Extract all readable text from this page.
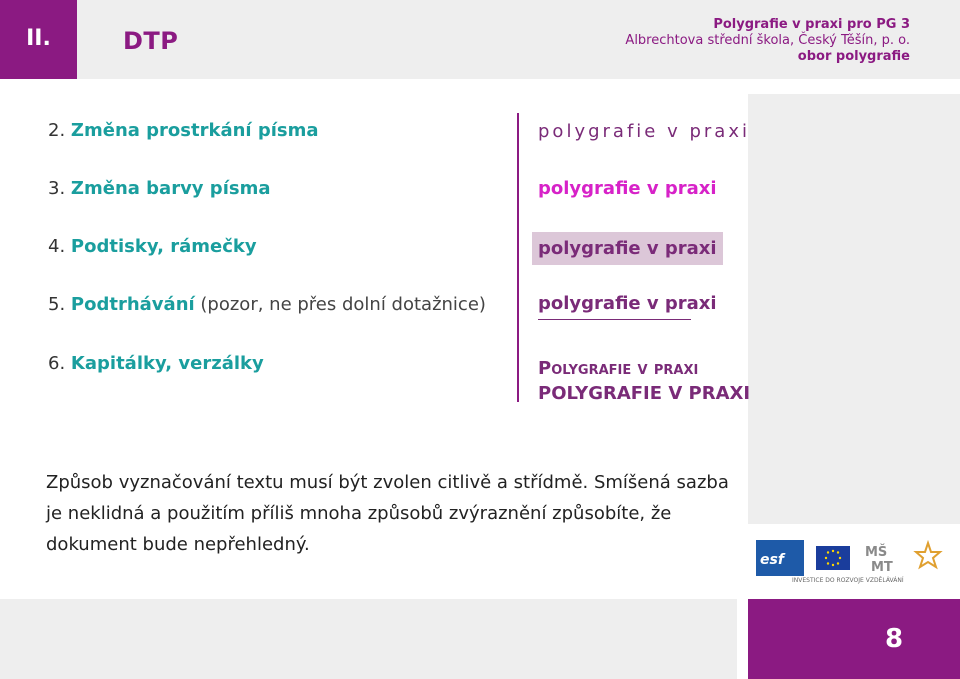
II.	DTP
Polygrafie v praxi pro PG 3
Albrechtova střední škola, Český Těšín, p. o.
obor polygrafie
2. Změna prostrkání písma
3. Změna barvy písma
4. Podtisky, rámečky
5. Podtrhávání (pozor, ne přes dolní dotažnice)
6. Kapitálky, verzálky
polygrafie v praxi
polygrafie v praxi
polygrafie v praxi
polygrafie v praxi
Polygrafie v praxi
POLYGRAFIE V PRAXI
Způsob vyznačování textu musí být zvolen citlivě a střídmě. Smíšená sazba je neklidná a použitím příliš mnoha způsobů zvýraznění způsobíte, že dokument bude nepřehledný.
esf	MŠ
MT
INVESTICE DO ROZVOJE VZDĚLÁVÁNÍ
8
